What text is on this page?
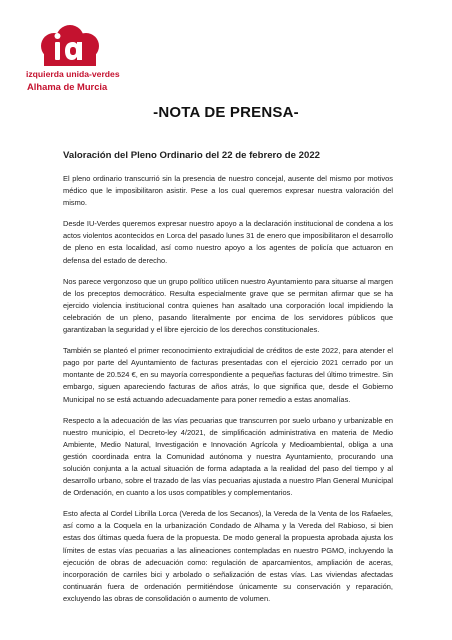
izquierda unida-verdes
Alhama de Murcia
-NOTA DE PRENSA-
Valoración del Pleno Ordinario del 22 de febrero de 2022

El pleno ordinario transcurrió sin la presencia de nuestro concejal, ausente del mismo por motivos médico que le imposibilitaron asistir. Pese a los cual queremos expresar nuestra valoración del mismo.

Desde IU-Verdes queremos expresar nuestro apoyo a la declaración institucional de condena a los actos violentos acontecidos en Lorca del pasado lunes 31 de enero que imposibilitaron el desarrollo de pleno en esta localidad, así como nuestro apoyo a los agentes de policía que actuaron en defensa del estado de derecho.

Nos parece vergonzoso que un grupo político utilicen nuestro Ayuntamiento para situarse al margen de los preceptos democrático. Resulta especialmente grave que se permitan afirmar que se ha ejercido violencia institucional contra quienes han asaltado una corporación local impidiendo la celebración de un pleno, pasando literalmente por encima de los servidores públicos que garantizaban la seguridad y el libre ejercicio de los derechos constitucionales.

También se planteó el primer reconocimiento extrajudicial de créditos de este 2022, para atender el pago por parte del Ayuntamiento de facturas presentadas con el ejercicio 2021 cerrado por un montante de 20.524 €, en su mayoría correspondiente a pequeñas facturas del último trimestre. Sin embargo, siguen apareciendo facturas de años atrás, lo que significa que, desde el Gobierno Municipal no se está actuando adecuadamente para poner remedio a estas anomalías.

Respecto a la adecuación de las vías pecuarias que transcurren por suelo urbano y urbanizable en nuestro municipio, el Decreto-ley 4/2021, de simplificación administrativa en materia de Medio Ambiente, Medio Natural, Investigación e Innovación Agrícola y Medioambiental, obliga a una gestión coordinada entra la Comunidad autónoma y nuestra Ayuntamiento, procurando una solución conjunta a la actual situación de forma adaptada a la realidad del paso del tiempo y al desarrollo urbano, sobre el trazado de las vías pecuarias ajustada a nuestro Plan General Municipal de Ordenación, en cuanto a los usos compatibles y complementarios.

Esto afecta al Cordel Librilla Lorca (Vereda de los Secanos), la Vereda de la Venta de los Rafaeles, así como a la Coquela en la urbanización Condado de Alhama y la Vereda del Rabioso, si bien estas dos últimas queda fuera de la propuesta. De modo general la propuesta aprobada ajusta los límites de estas vías pecuarias a las alineaciones contempladas en nuestro PGMO, incluyendo la ejecución de obras de adecuación como: regulación de aparcamientos, ampliación de aceras, incorporación de carriles bici y arbolado o señalización de estas vías. Las viviendas afectadas continuarán fuera de ordenación permitiéndose únicamente su conservación y reparación, excluyendo las obras de consolidación o aumento de volumen.
